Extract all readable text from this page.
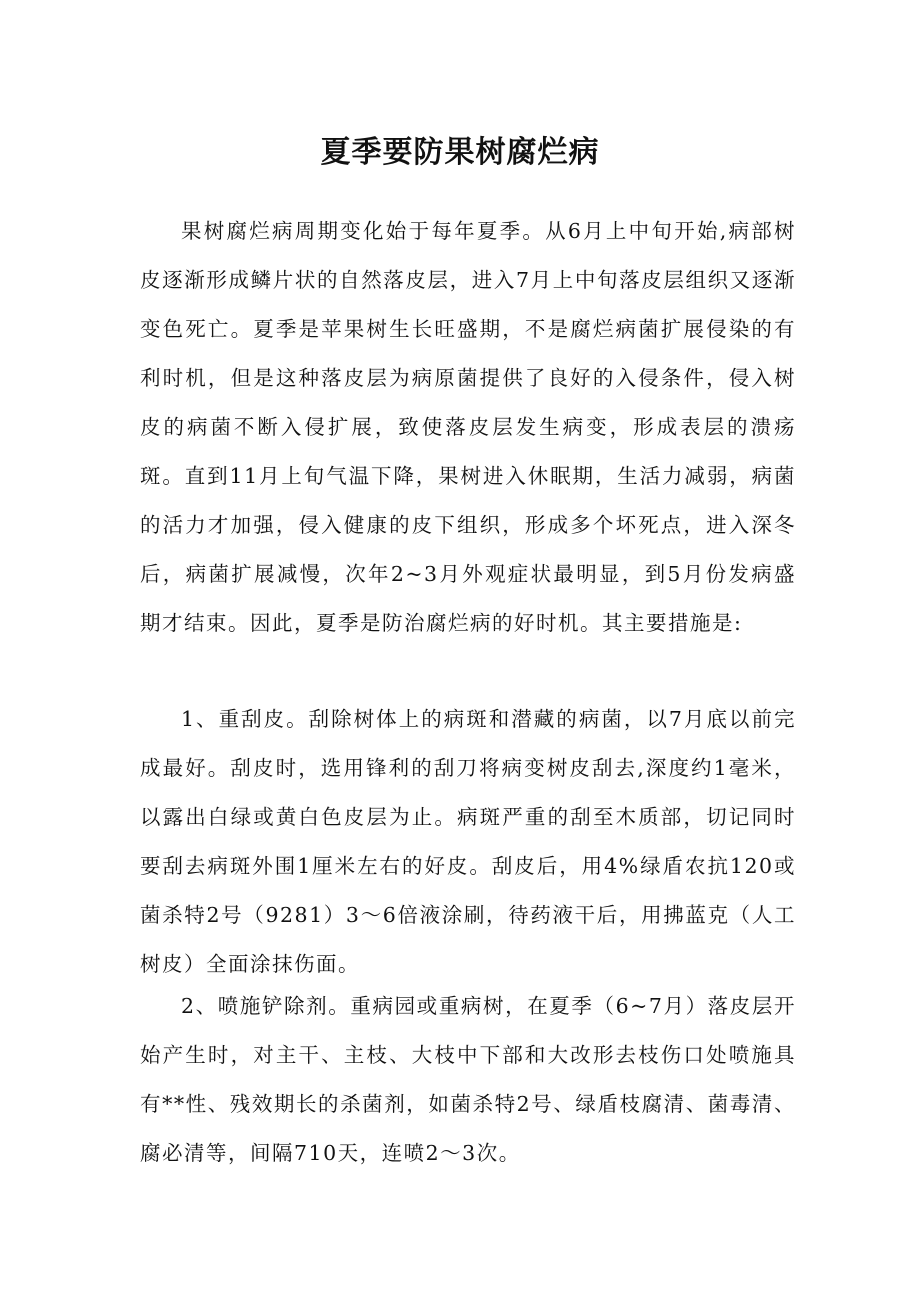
夏季要防果树腐烂病

果树腐烂病周期变化始于每年夏季。从6月上中旬开始,病部树皮逐渐形成鳞片状的自然落皮层，进入7月上中旬落皮层组织又逐渐变色死亡。夏季是苹果树生长旺盛期，不是腐烂病菌扩展侵染的有利时机，但是这种落皮层为病原菌提供了良好的入侵条件，侵入树皮的病菌不断入侵扩展，致使落皮层发生病变，形成表层的溃疡斑。直到11月上旬气温下降，果树进入休眠期，生活力减弱，病菌的活力才加强，侵入健康的皮下组织，形成多个坏死点，进入深冬后，病菌扩展减慢，次年2~3月外观症状最明显，到5月份发病盛期才结束。因此，夏季是防治腐烂病的好时机。其主要措施是:

1、重刮皮。刮除树体上的病斑和潜藏的病菌，以7月底以前完成最好。刮皮时，选用锋利的刮刀将病变树皮刮去,深度约1毫米，以露出白绿或黄白色皮层为止。病斑严重的刮至木质部，切记同时要刮去病斑外围1厘米左右的好皮。刮皮后，用4%绿盾农抗120或菌杀特2号（9281）3～6倍液涂刷，待药液干后，用拂蓝克（人工树皮）全面涂抹伤面。

2、喷施铲除剂。重病园或重病树，在夏季（6~7月）落皮层开始产生时，对主干、主枝、大枝中下部和大改形去枝伤口处喷施具有**性、残效期长的杀菌剂，如菌杀特2号、绿盾枝腐清、菌毒清、腐必清等，间隔710天，连喷2～3次。
